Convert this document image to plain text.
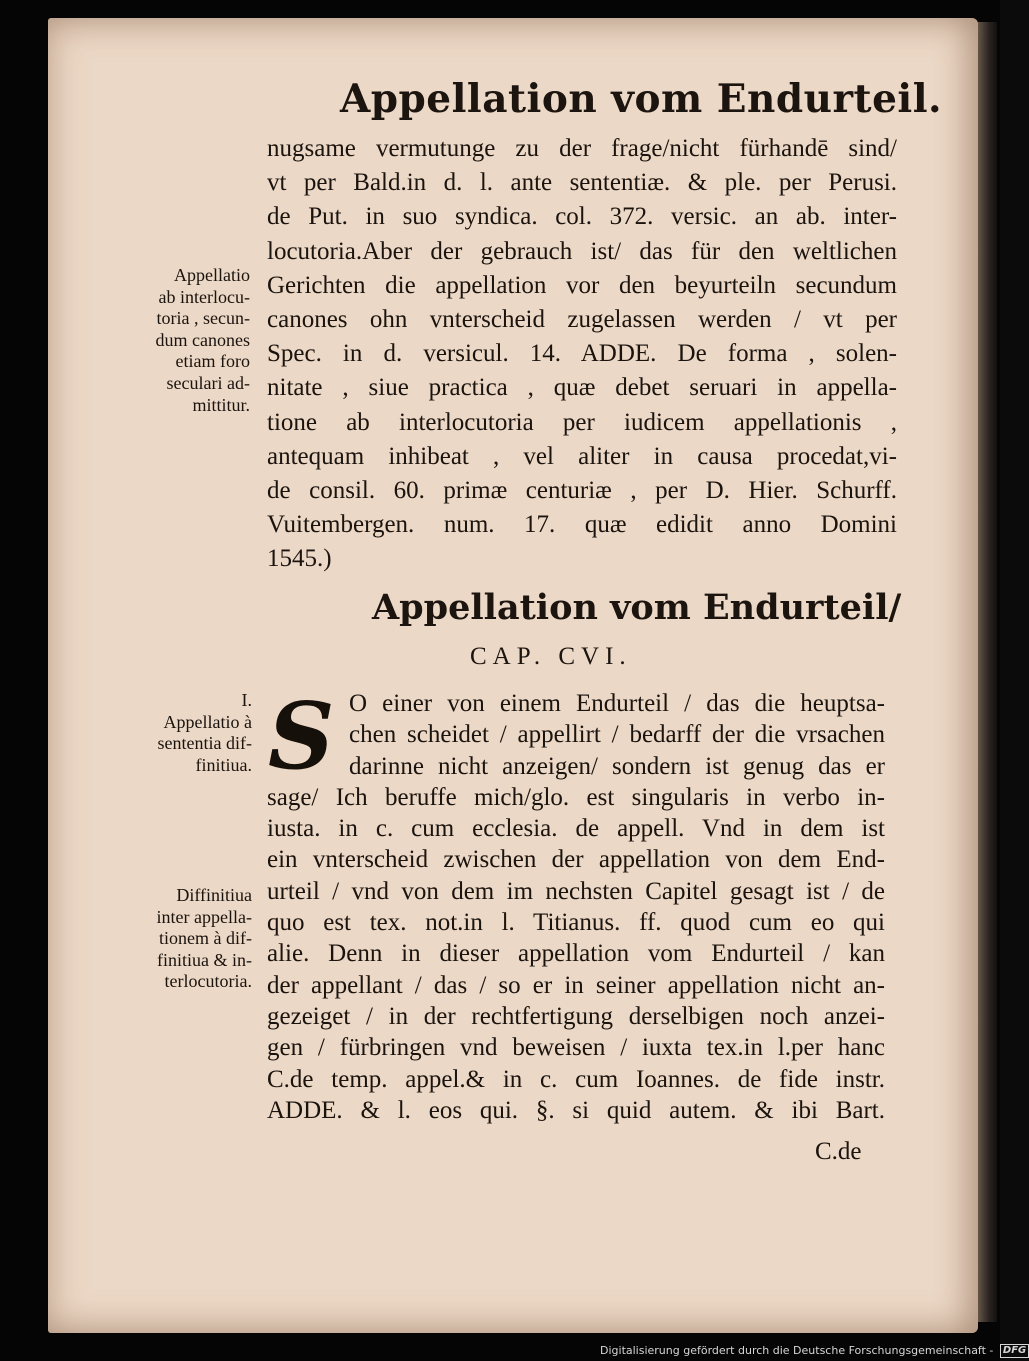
Appellation vom Endurteil.
nugsame vermutunge zu der frage/nicht fürhandē sind/
vt per Bald.in d. l. ante sententiæ. & ple. per Perusi.
de Put. in suo syndica. col. 372. versic. an ab. inter-
locutoria.Aber der gebrauch ist/ das für den weltlichen
Gerichten die appellation vor den beyurteiln secundum
canones ohn vnterscheid zugelassen werden / vt per
Spec. in d. versicul. 14. ADDE. De forma , solen-
nitate , siue practica , quæ debet seruari in appella-
tione ab interlocutoria per iudicem appellationis ,
antequam inhibeat , vel aliter in causa procedat,vi-
de consil. 60. primæ centuriæ , per D. Hier. Schurff.
Vuitembergen. num. 17. quæ edidit anno Domini
1545.)
Appellatio
ab interlocu-
toria , secun-
dum canones
etiam foro
seculari ad-
mittitur.
Appellation vom Endurteil/
CAP. CVI.
I.
Appellatio à
sententia dif-
finitiua. S O einer von einem Endurteil / das die heuptsa-
chen scheidet / appellirt / bedarff der die vrsachen
darinne nicht anzeigen/ sondern ist genug das er
sage/ Ich beruffe mich/glo. est singularis in verbo in-
iusta. in c. cum ecclesia. de appell. Vnd in dem ist
ein vnterscheid zwischen der appellation von dem End-
urteil / vnd von dem im nechsten Capitel gesagt ist / de
quo est tex. not.in l. Titianus. ff. quod cum eo qui
alie. Denn in dieser appellation vom Endurteil / kan
der appellant / das / so er in seiner appellation nicht an-
gezeiget / in der rechtfertigung derselbigen noch anzei-
gen / fürbringen vnd beweisen / iuxta tex.in l.per hanc
C.de temp. appel.& in c. cum Ioannes. de fide instr.
ADDE. & l. eos qui. §. si quid autem. & ibi Bart.
Diffinitiua
inter appella-
tionem à dif-
finitiua & in-
terlocutoria.
C.de
Digitalisierung gefördert durch die Deutsche Forschungsgemeinschaft - DFG
